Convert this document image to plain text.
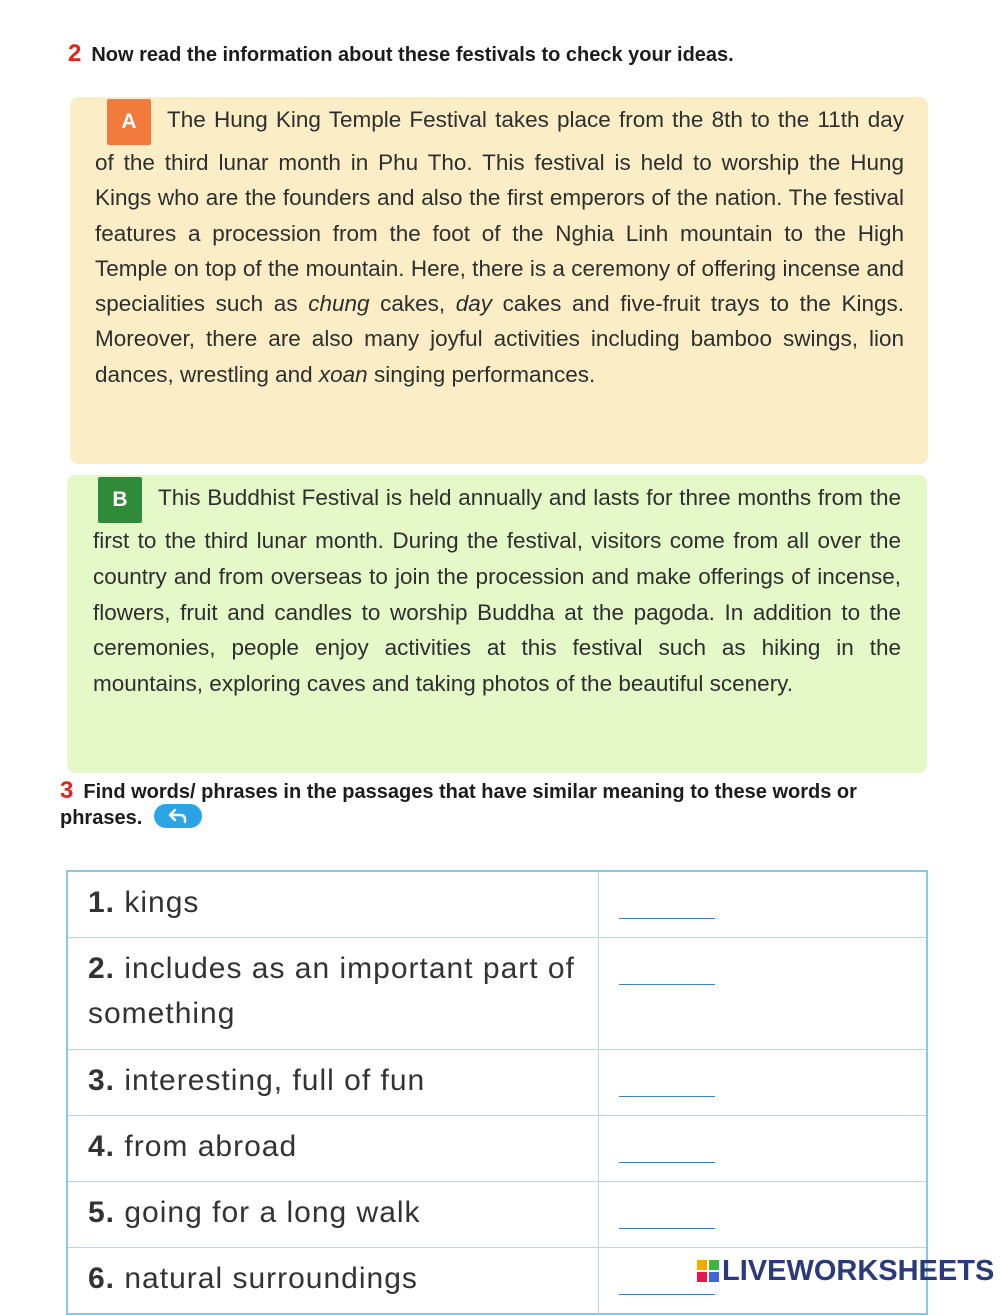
2 Now read the information about these festivals to check your ideas.
A The Hung King Temple Festival takes place from the 8th to the 11th day of the third lunar month in Phu Tho. This festival is held to worship the Hung Kings who are the founders and also the first emperors of the nation. The festival features a procession from the foot of the Nghia Linh mountain to the High Temple on top of the mountain. Here, there is a ceremony of offering incense and specialities such as chung cakes, day cakes and five-fruit trays to the Kings. Moreover, there are also many joyful activities including bamboo swings, lion dances, wrestling and xoan singing performances.
B This Buddhist Festival is held annually and lasts for three months from the first to the third lunar month. During the festival, visitors come from all over the country and from overseas to join the procession and make offerings of incense, flowers, fruit and candles to worship Buddha at the pagoda. In addition to the ceremonies, people enjoy activities at this festival such as hiking in the mountains, exploring caves and taking photos of the beautiful scenery.
3 Find words/ phrases in the passages that have similar meaning to these words or phrases.
1. kings	

2. includes as an important part of something	

3. interesting, full of fun	

4. from abroad	

5. going for a long walk	

6. natural surroundings		LIVEWORKSHEETS
